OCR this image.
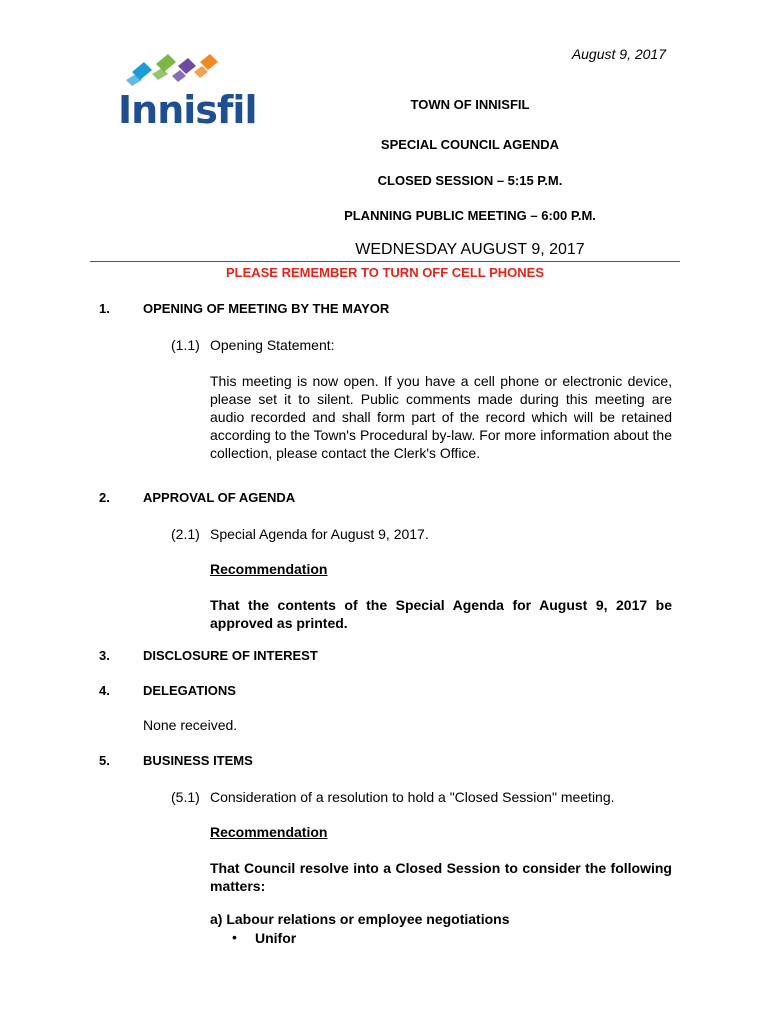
August 9, 2017
Innisfil	TOWN OF INNISFIL
SPECIAL COUNCIL AGENDA
CLOSED SESSION – 5:15 P.M.
PLANNING PUBLIC MEETING – 6:00 P.M.
WEDNESDAY AUGUST 9, 2017
PLEASE REMEMBER TO TURN OFF CELL PHONES
1.	OPENING OF MEETING BY THE MAYOR
(1.1) Opening Statement:
This meeting is now open. If you have a cell phone or electronic device, please set it to silent. Public comments made during this meeting are audio recorded and shall form part of the record which will be retained according to the Town's Procedural by-law. For more information about the collection, please contact the Clerk's Office.
2.	APPROVAL OF AGENDA
(2.1) Special Agenda for August 9, 2017.
Recommendation
That the contents of the Special Agenda for August 9, 2017 be approved as printed.
3.	DISCLOSURE OF INTEREST
4.	DELEGATIONS
None received.
5.	BUSINESS ITEMS
(5.1) Consideration of a resolution to hold a "Closed Session" meeting.
Recommendation
That Council resolve into a Closed Session to consider the following matters:
a) Labour relations or employee negotiations
• Unifor
